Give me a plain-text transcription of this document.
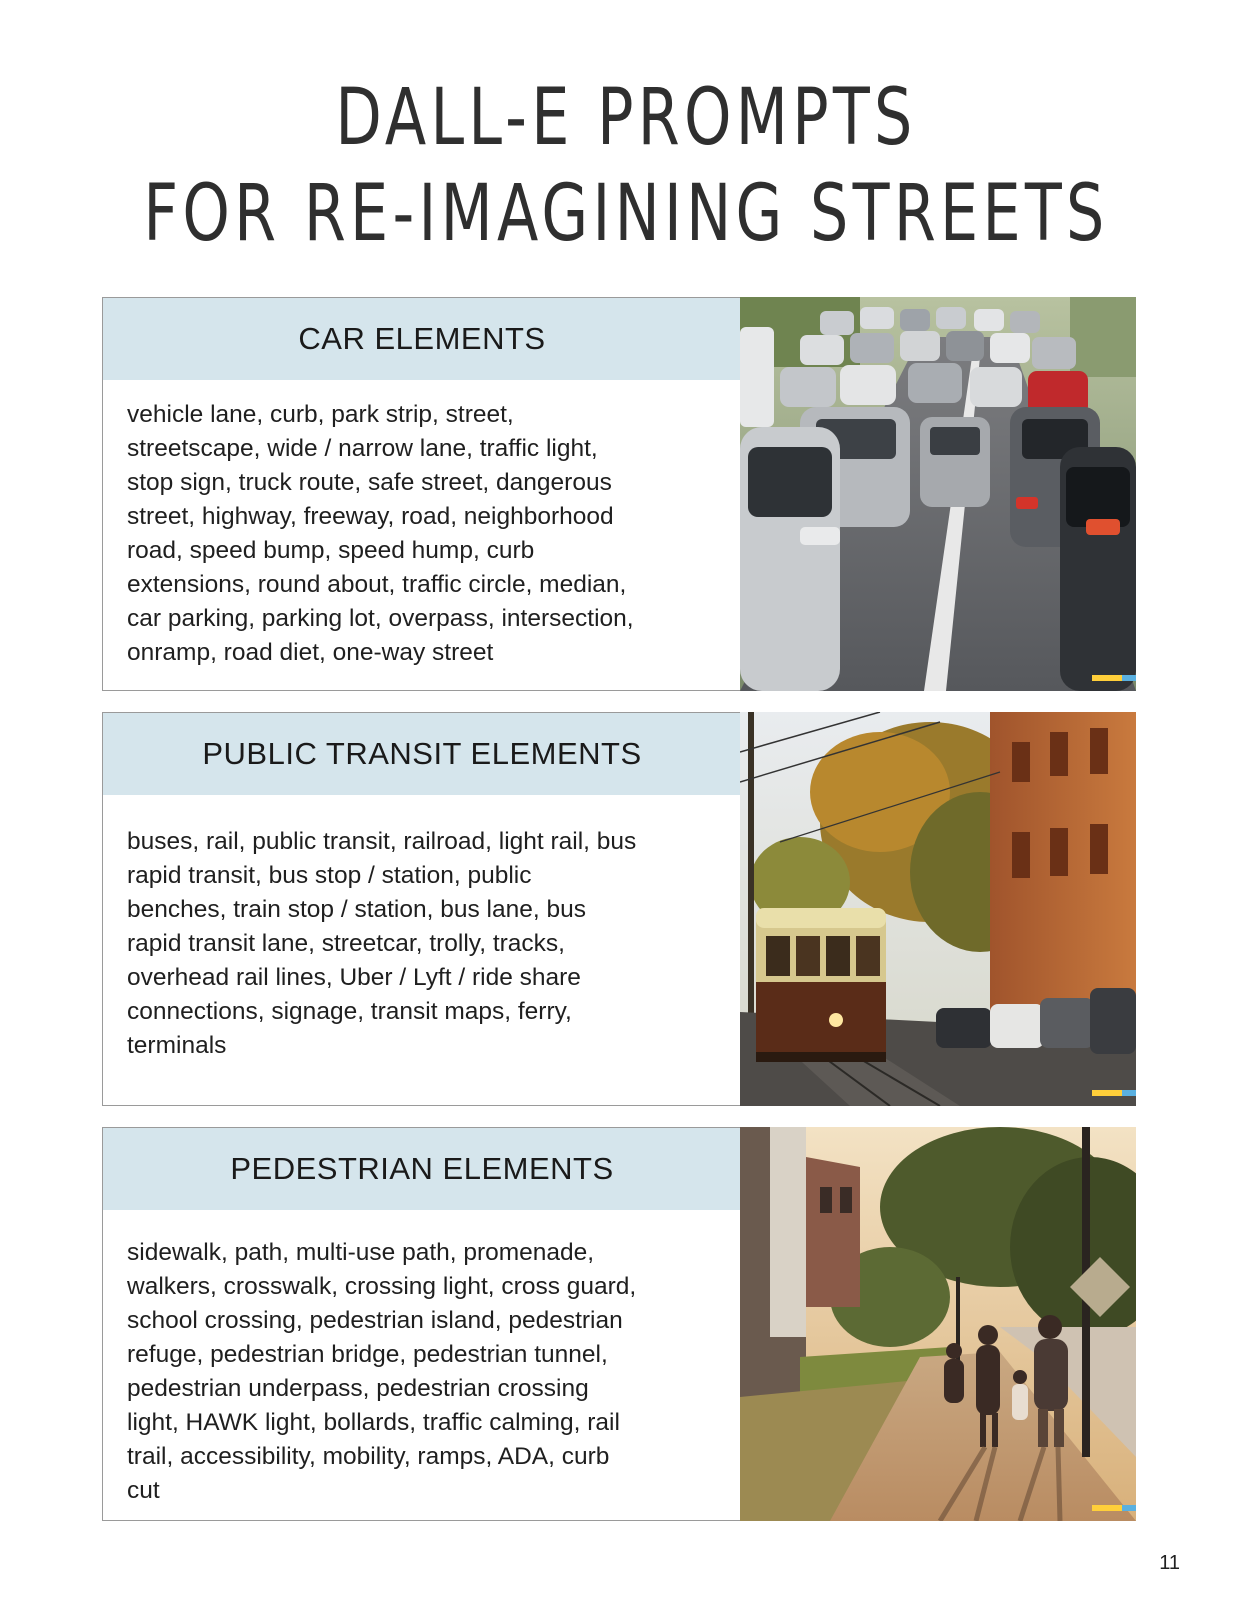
DALL-E PROMPTS
FOR RE-IMAGINING STREETS
CAR ELEMENTS
vehicle lane, curb, park strip, street,
streetscape, wide / narrow lane, traffic light,
stop sign, truck route, safe street, dangerous
street, highway, freeway, road, neighborhood
road, speed bump, speed hump, curb
extensions, round about, traffic circle, median,
car parking, parking lot, overpass, intersection,
onramp, road diet, one-way street
PUBLIC TRANSIT ELEMENTS
buses, rail, public transit, railroad, light rail, bus
rapid transit, bus stop / station, public
benches, train stop / station, bus lane, bus
rapid transit lane, streetcar, trolly, tracks,
overhead rail lines, Uber / Lyft / ride share
connections, signage, transit maps, ferry,
terminals
PEDESTRIAN ELEMENTS
sidewalk, path, multi-use path, promenade,
walkers, crosswalk, crossing light, cross guard,
school crossing, pedestrian island, pedestrian
refuge, pedestrian bridge, pedestrian tunnel,
pedestrian underpass, pedestrian crossing
light, HAWK light, bollards, traffic calming, rail
trail, accessibility, mobility, ramps, ADA, curb
cut
11
